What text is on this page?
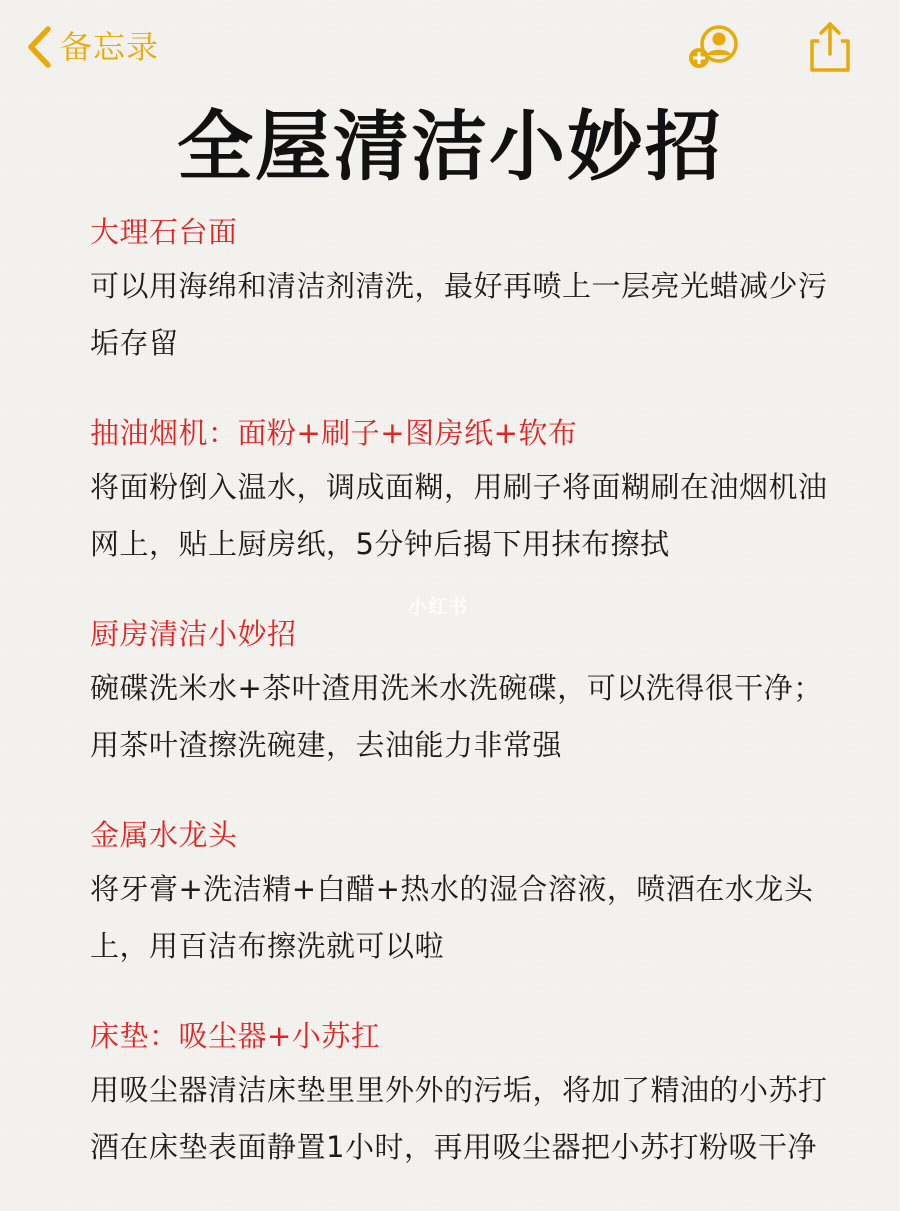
备忘录
全屋清洁小妙招
大理石台面
可以用海绵和清洁剂清洗，最好再喷上一层亮光蜡减少污垢存留
抽油烟机：面粉+刷子+图房纸+软布
将面粉倒入温水，调成面糊，用刷子将面糊刷在油烟机油网上，贴上厨房纸，5分钟后揭下用抹布擦拭
厨房清洁小妙招
碗碟洗米水+茶叶渣用洗米水洗碗碟，可以洗得很干净；用茶叶渣擦洗碗建，去油能力非常强
金属水龙头
将牙膏+洗洁精+白醋+热水的湿合溶液，喷酒在水龙头上，用百洁布擦洗就可以啦
床垫：吸尘器+小苏扛
用吸尘器清洁床垫里里外外的污垢，将加了精油的小苏打酒在床垫表面静置1小时，再用吸尘器把小苏打粉吸干净
小红书
